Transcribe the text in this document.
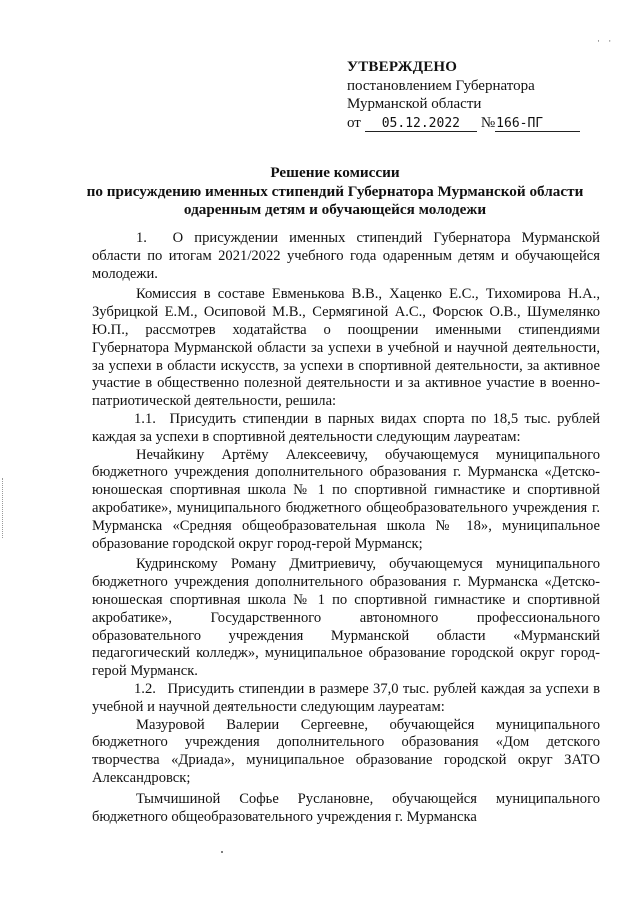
· ·
УТВЕРЖДЕНО
постановлением Губернатора
Мурманской области
от	05.12.2022	№ 166-ПГ
Решение комиссии
по присуждению именных стипендий Губернатора Мурманской области
одаренным детям и обучающейся молодежи

1.  О присуждении именных стипендий Губернатора Мурманской области по итогам 2021/2022 учебного года одаренным детям и обучающейся молодежи.

Комиссия в составе Евменькова В.В., Хаценко Е.С., Тихомирова Н.А., Зубрицкой Е.М., Осиповой М.В., Сермягиной А.С., Форсюк О.В., Шумелянко Ю.П., рассмотрев ходатайства о поощрении именными стипендиями Губернатора Мурманской области за успехи в учебной и научной деятельности, за успехи в области искусств, за успехи в спортивной деятельности, за активное участие в общественно полезной деятельности и за активное участие в военно-патриотической деятельности, решила:

1.1.  Присудить стипендии в парных видах спорта по 18,5 тыс. рублей каждая за успехи в спортивной деятельности следующим лауреатам:

Нечайкину Артёму Алексеевичу, обучающемуся муниципального бюджетного учреждения дополнительного образования г. Мурманска «Детско-юношеская спортивная школа № 1 по спортивной гимнастике и спортивной акробатике», муниципального бюджетного общеобразовательного учреждения г. Мурманска «Средняя общеобразовательная школа № 18», муниципальное образование городской округ город-герой Мурманск;

Кудринскому Роману Дмитриевичу, обучающемуся муниципального бюджетного учреждения дополнительного образования г. Мурманска «Детско-юношеская спортивная школа № 1 по спортивной гимнастике и спортивной акробатике», Государственного автономного профессионального образовательного учреждения Мурманской области «Мурманский педагогический колледж», муниципальное образование городской округ город-герой Мурманск.

1.2.  Присудить стипендии в размере 37,0 тыс. рублей каждая за успехи в учебной и научной деятельности следующим лауреатам:

Мазуровой Валерии Сергеевне, обучающейся муниципального бюджетного учреждения дополнительного образования «Дом детского творчества «Дриада», муниципальное образование городской округ ЗАТО Александровск;

Тымчишиной Софье Руслановне, обучающейся муниципального бюджетного общеобразовательного учреждения г. Мурманска
